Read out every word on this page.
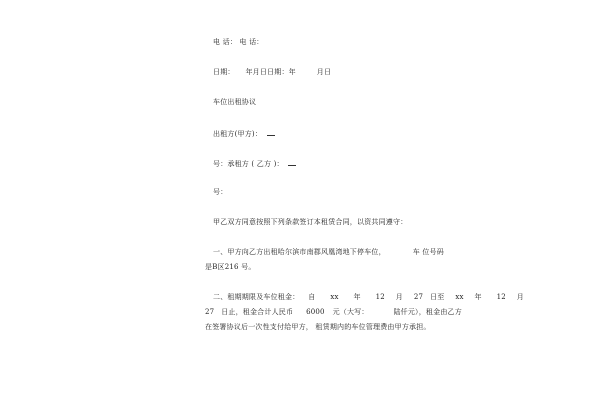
电 话： 电 话：
日期： 年月日日期：年	月日
车位出租协议
出租方(甲方)：
号：承租方 ( 乙方 )：
号：
甲乙双方同意按照下列条款签订本租赁合同，以资共同遵守：
一、甲方向乙方出租哈尔滨市南郡风凰湾地下停车位，	车 位号码
是B区216 号。
二、租期期限及车位租金： 自 xx 年 12 月 27 日至 xx 年 12 月
27 日止，租金合计人民币 6000 元（大写：	陆仟元），租金由乙方
在签署协议后一次性支付给甲方， 租赁期内的车位管理费由甲方承担。
